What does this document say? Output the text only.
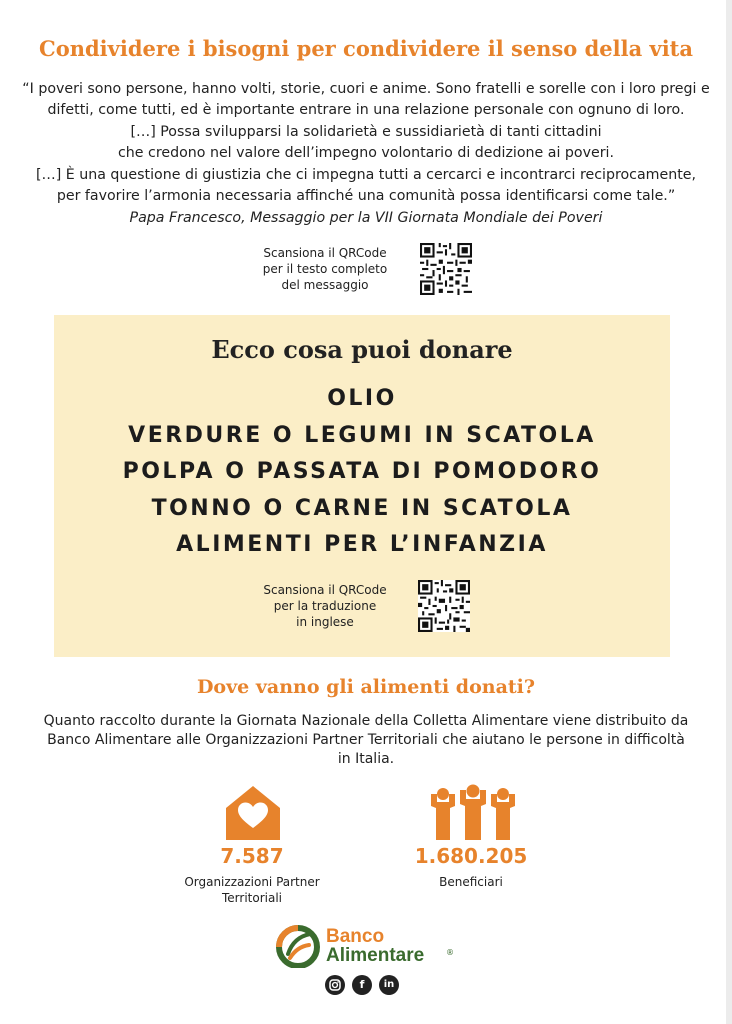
Condividere i bisogni per condividere il senso della vita

“I poveri sono persone, hanno volti, storie, cuori e anime. Sono fratelli e sorelle con i loro pregi e difetti, come tutti, ed è importante entrare in una relazione personale con ognuno di loro.

[…] Possa svilupparsi la solidarietà e sussidiarietà di tanti cittadini che credono nel valore dell’impegno volontario di dedizione ai poveri.

[…] È una questione di giustizia che ci impegna tutti a cercarci e incontrarci reciprocamente, per favorire l’armonia necessaria affinché una comunità possa identificarsi come tale.”

Papa Francesco, Messaggio per la VII Giornata Mondiale dei Poveri

Scansiona il QRCode
per il testo completo
del messaggio
Ecco cosa puoi donare
OLIO
VERDURE O LEGUMI IN SCATOLA
POLPA O PASSATA DI POMODORO
TONNO O CARNE IN SCATOLA
ALIMENTI PER L’INFANZIA
Scansiona il QRCode
per la traduzione
in inglese
Dove vanno gli alimenti donati?

Quanto raccolto durante la Giornata Nazionale della Colletta Alimentare viene distribuito da Banco Alimentare alle Organizzazioni Partner Territoriali che aiutano le persone in difficoltà in Italia.

7.587
Organizzazioni Partner
Territoriali
1.680.205
Beneficiari
Banco
Alimentare	®
f	in
